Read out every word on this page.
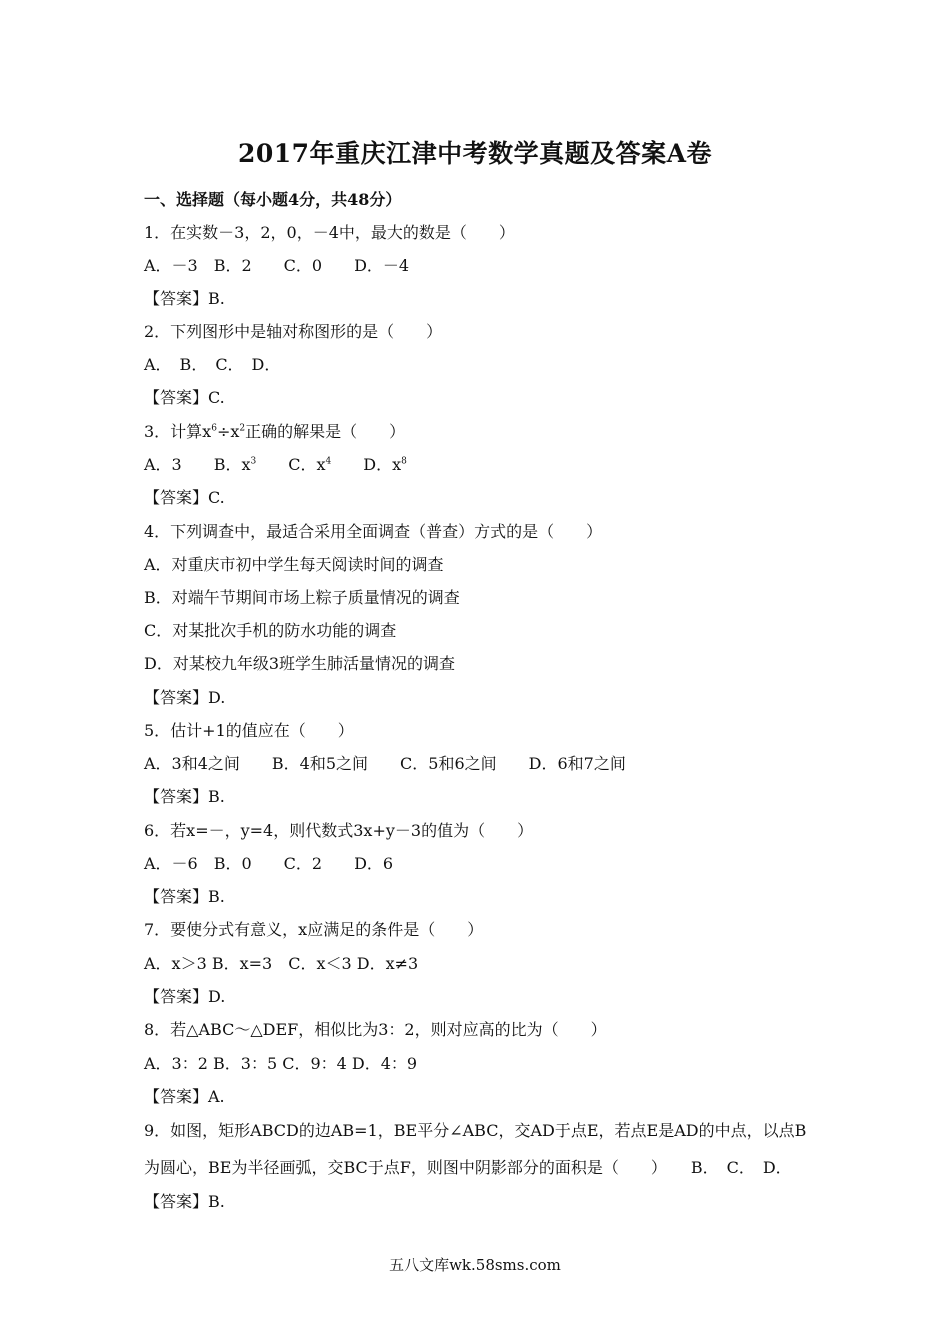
2017年重庆江津中考数学真题及答案A卷
一、选择题（每小题4分，共48分）
1．在实数－3，2，0，－4中，最大的数是（　　）
A．－3　B．2　　C．0　　D．－4
【答案】B.
2．下列图形中是轴对称图形的是（　　）
A．　B．　C．　D．
【答案】C.
3．计算$x^6\div x^2$正确的解果是（　　）
A．3　　B．$x^3$　　C．$x^4$　　D．$x^8$
【答案】C.
4．下列调查中，最适合采用全面调查（普查）方式的是（　　）
A．对重庆市初中学生每天阅读时间的调查
B．对端午节期间市场上粽子质量情况的调查
C．对某批次手机的防水功能的调查
D．对某校九年级3班学生肺活量情况的调查
【答案】D.
5．估计+1的值应在（　　）
A．3和4之间　　B．4和5之间　　C．5和6之间　　D．6和7之间
【答案】B.
6．若x=－，y=4，则代数式3x+y－3的值为（　　）
A．－6　B．0　　C．2　　D．6
【答案】B.
7．要使分式有意义，x应满足的条件是（　　）
A．x＞3 B．x=3　C．x＜3 D．x≠3
【答案】D.
8．若△ABC～△DEF，相似比为3：2，则对应高的比为（　　）
A．3：2 B．3：5 C．9：4 D．4：9
【答案】A.
9．如图，矩形ABCD的边AB=1，BE平分∠ABC，交AD于点E，若点E是AD的中点，以点B
为圆心，BE为半径画弧，交BC于点F，则图中阴影部分的面积是（　　）　　B．　C．　D．
【答案】B.
五八文库wk.58sms.com
